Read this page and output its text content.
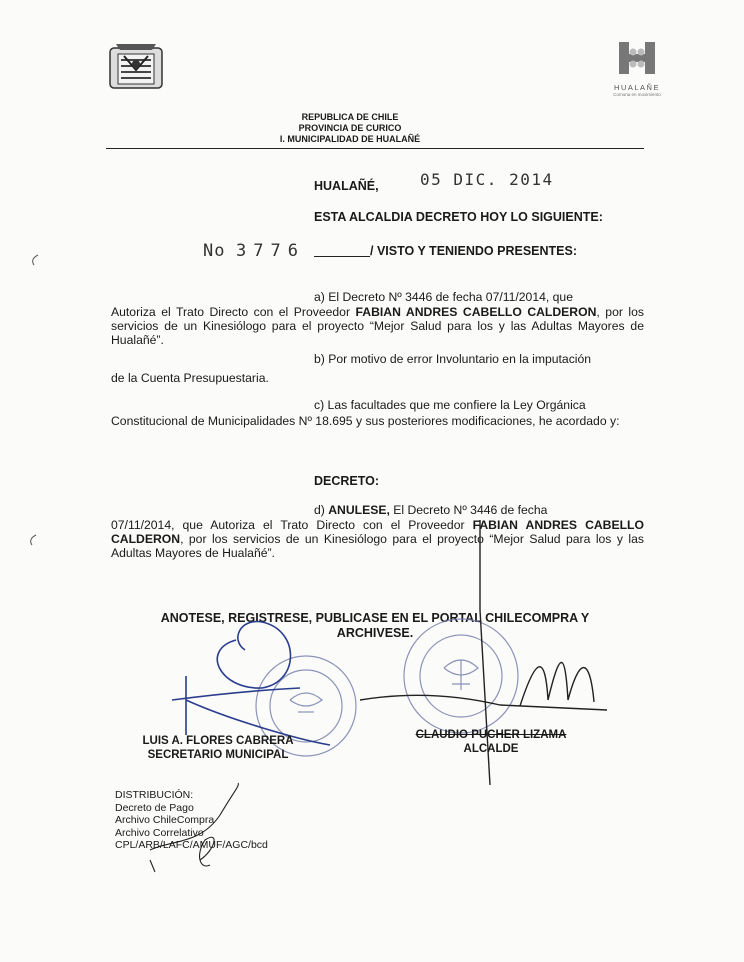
HUALAÑE
Comuna en movimiento
REPUBLICA DE CHILE
PROVINCIA DE CURICO
I. MUNICIPALIDAD DE HUALAÑÉ
HUALAÑÉ,	05 DIC. 2014
ESTA ALCALDIA DECRETO HOY LO SIGUIENTE:
No 3776	/ VISTO Y TENIENDO PRESENTES:
a) El Decreto Nº 3446 de fecha 07/11/2014, que
Autoriza el Trato Directo con el Proveedor FABIAN ANDRES CABELLO CALDERON, por los servicios de un Kinesiólogo para el proyecto “Mejor Salud para los y las Adultas Mayores de Hualañé”.
b) Por motivo de error Involuntario en la imputación
de la Cuenta Presupuestaria.
c) Las facultades que me confiere la Ley Orgánica
Constitucional de Municipalidades Nº 18.695 y sus posteriores modificaciones, he acordado y:
DECRETO:
d) ANULESE, El Decreto Nº 3446 de fecha
07/11/2014, que Autoriza el Trato Directo con el Proveedor FABIAN ANDRES CABELLO CALDERON, por los servicios de un Kinesiólogo para el proyecto “Mejor Salud para los y las Adultas Mayores de Hualañé”.
ANOTESE, REGISTRESE, PUBLICASE EN EL PORTAL CHILECOMPRA Y
ARCHIVESE.
LUIS A. FLORES CABRERA
SECRETARIO MUNICIPAL
CLAUDIO PUCHER LIZAMA
ALCALDE
DISTRIBUCIÓN:
Decreto de Pago
Archivo ChileCompra
Archivo Correlativo
CPL/ARB/LAFC/AMUF/AGC/bcd
